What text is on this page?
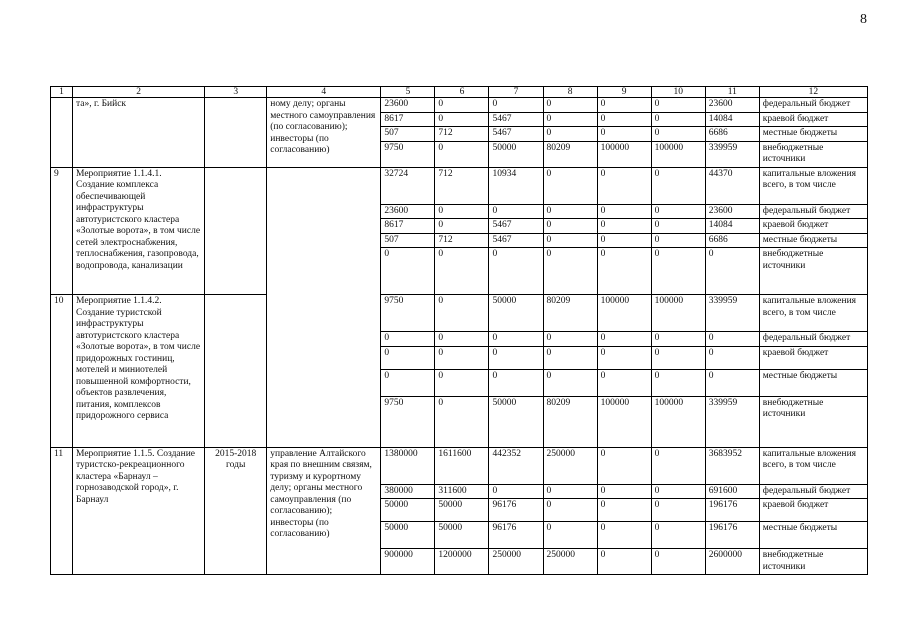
8
1	2	3	4	5	6	7	8	9	10	11	12
	та», г. Бийск		ному делу; органы местного самоуправления (по согласованию); инвесторы (по согласованию)	23600	0	0	0	0	0	23600	федеральный бюджет
				8617	0	5467	0	0	0	14084	краевой бюджет
				507	712	5467	0	0	0	6686	местные бюджеты
				9750	0	50000	80209	100000	100000	339959	внебюджетные источники
9	Мероприятие 1.1.4.1. Создание комплекса обеспечивающей инфраструктуры автотуристского кластера «Золотые ворота», в том числе сетей электроснабжения, теплоснабжения, газопровода, водопровода, канализации			32724	712	10934	0	0	0	44370	капитальные вложения всего, в том числе
				23600	0	0	0	0	0	23600	федеральный бюджет
				8617	0	5467	0	0	0	14084	краевой бюджет
				507	712	5467	0	0	0	6686	местные бюджеты
				0	0	0	0	0	0	0	внебюджетные источники
10	Мероприятие 1.1.4.2. Создание туристской инфраструктуры автотуристского кластера «Золотые ворота», в том числе придорожных гостиниц, мотелей и миниотелей повышенной комфортности, объектов развлечения, питания, комплексов придорожного сервиса			9750	0	50000	80209	100000	100000	339959	капитальные вложения всего, в том числе
				0	0	0	0	0	0	0	федеральный бюджет
				0	0	0	0	0	0	0	краевой бюджет
				0	0	0	0	0	0	0	местные бюджеты
				9750	0	50000	80209	100000	100000	339959	внебюджетные источники
11	Мероприятие 1.1.5. Создание туристско-рекреационного кластера «Барнаул – горнозаводской город», г. Барнаул	2015-2018 годы	управление Алтайского края по внешним связям, туризму и курортному делу; органы местного самоуправления (по согласованию); инвесторы (по согласованию)	1380000	1611600	442352	250000	0	0	3683952	капитальные вложения всего, в том числе
				380000	311600	0	0	0	0	691600	федеральный бюджет
				50000	50000	96176	0	0	0	196176	краевой бюджет
				50000	50000	96176	0	0	0	196176	местные бюджеты
				900000	1200000	250000	250000	0	0	2600000	внебюджетные источники
